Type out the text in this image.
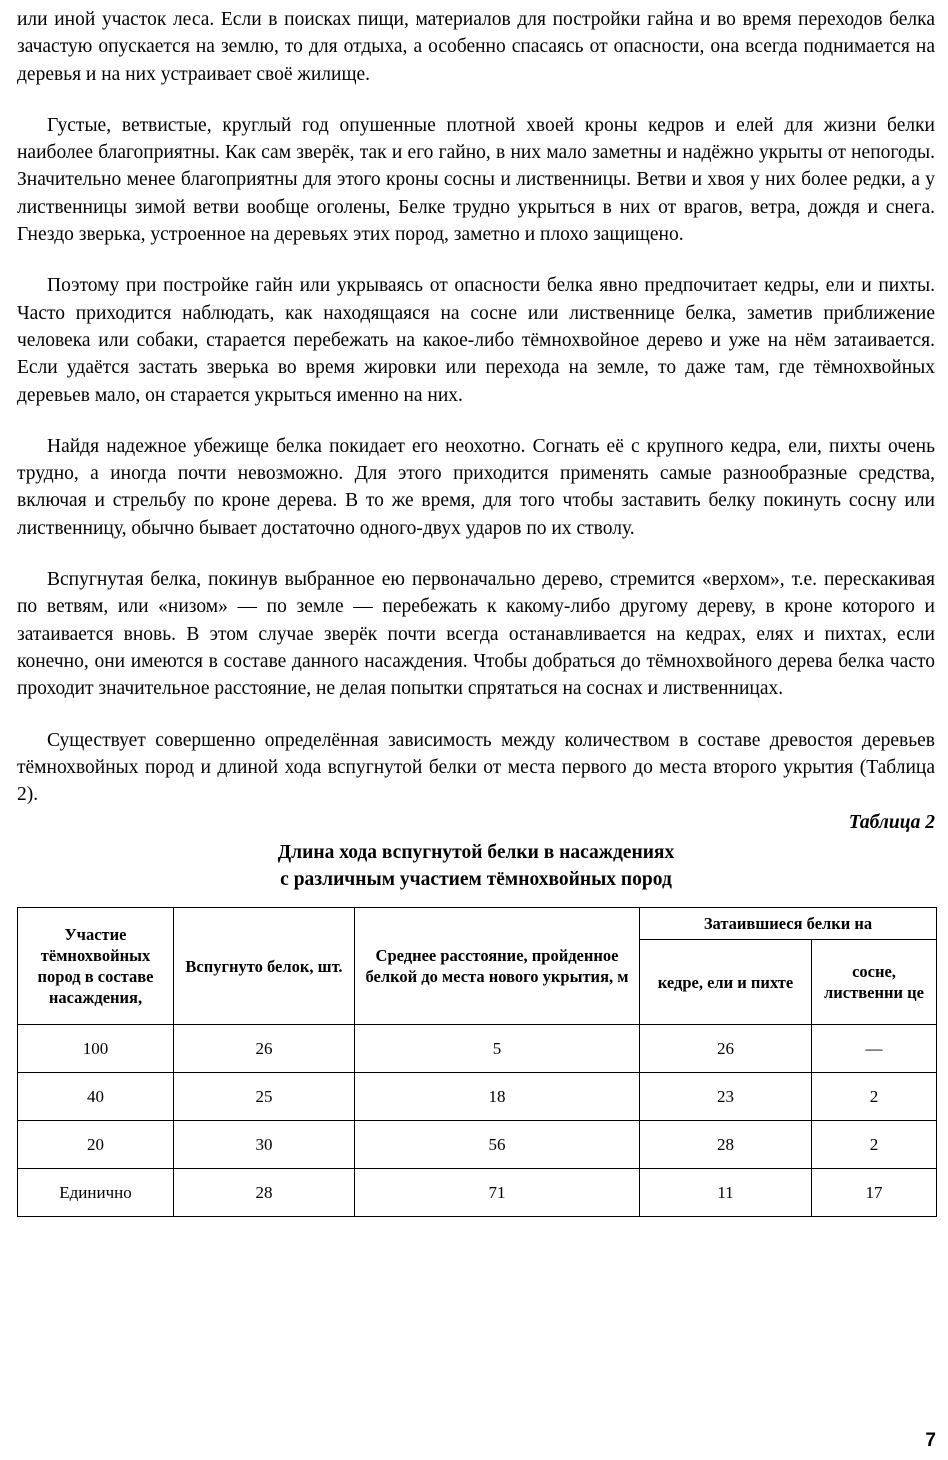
или иной участок леса. Если в поисках пищи, материалов для постройки гайна и во время переходов белка зачастую опускается на землю, то для отдыха, а особенно спасаясь от опасности, она всегда поднимается на деревья и на них устраивает своё жилище.

Густые, ветвистые, круглый год опушенные плотной хвоей кроны кедров и елей для жизни белки наиболее благоприятны. Как сам зверёк, так и его гайно, в них мало заметны и надёжно укрыты от непогоды. Значительно менее благоприятны для этого кроны сосны и лиственницы. Ветви и хвоя у них более редки, а у лиственницы зимой ветви вообще оголены, Белке трудно укрыться в них от врагов, ветра, дождя и снега. Гнездо зверька, устроенное на деревьях этих пород, заметно и плохо защищено.

Поэтому при постройке гайн или укрываясь от опасности белка явно предпочитает кедры, ели и пихты. Часто приходится наблюдать, как находящаяся на сосне или лиственнице белка, заметив приближение человека или собаки, старается перебежать на какое-либо тёмнохвойное дерево и уже на нём затаивается. Если удаётся застать зверька во время жировки или перехода на земле, то даже там, где тёмнохвойных деревьев мало, он старается укрыться именно на них.

Найдя надежное убежище белка покидает его неохотно. Согнать её с крупного кедра, ели, пихты очень трудно, а иногда почти невозможно. Для этого приходится применять самые разнообразные средства, включая и стрельбу по кроне дерева. В то же время, для того чтобы заставить белку покинуть сосну или лиственницу, обычно бывает достаточно одного-двух ударов по их стволу.

Вспугнутая белка, покинув выбранное ею первоначально дерево, стремится «верхом», т.е. перескакивая по ветвям, или «низом» — по земле — перебежать к какому-либо другому дереву, в кроне которого и затаивается вновь. В этом случае зверёк почти всегда останавливается на кедрах, елях и пихтах, если конечно, они имеются в составе данного насаждения. Чтобы добраться до тёмнохвойного дерева белка часто проходит значительное расстояние, не делая попытки спрятаться на соснах и лиственницах.

Существует совершенно определённая зависимость между количеством в составе древостоя деревьев тёмнохвойных пород и длиной хода вспугнутой белки от места первого до места второго укрытия (Таблица 2).

Таблица 2
Длина хода вспугнутой белки в насаждениях
с различным участием тёмнохвойных пород
Участие тёмнохвойных пород в составе насаждения,	Вспугнуто белок, шт.	Среднее расстояние, пройденное белкой до места нового укрытия, м	Затаившиеся белки на	
			кедре, ели и пихте	сосне, лиственни це
100	26	5	26	—
40	25	18	23	2
20	30	56	28	2
Единично	28	71	11	17
7
